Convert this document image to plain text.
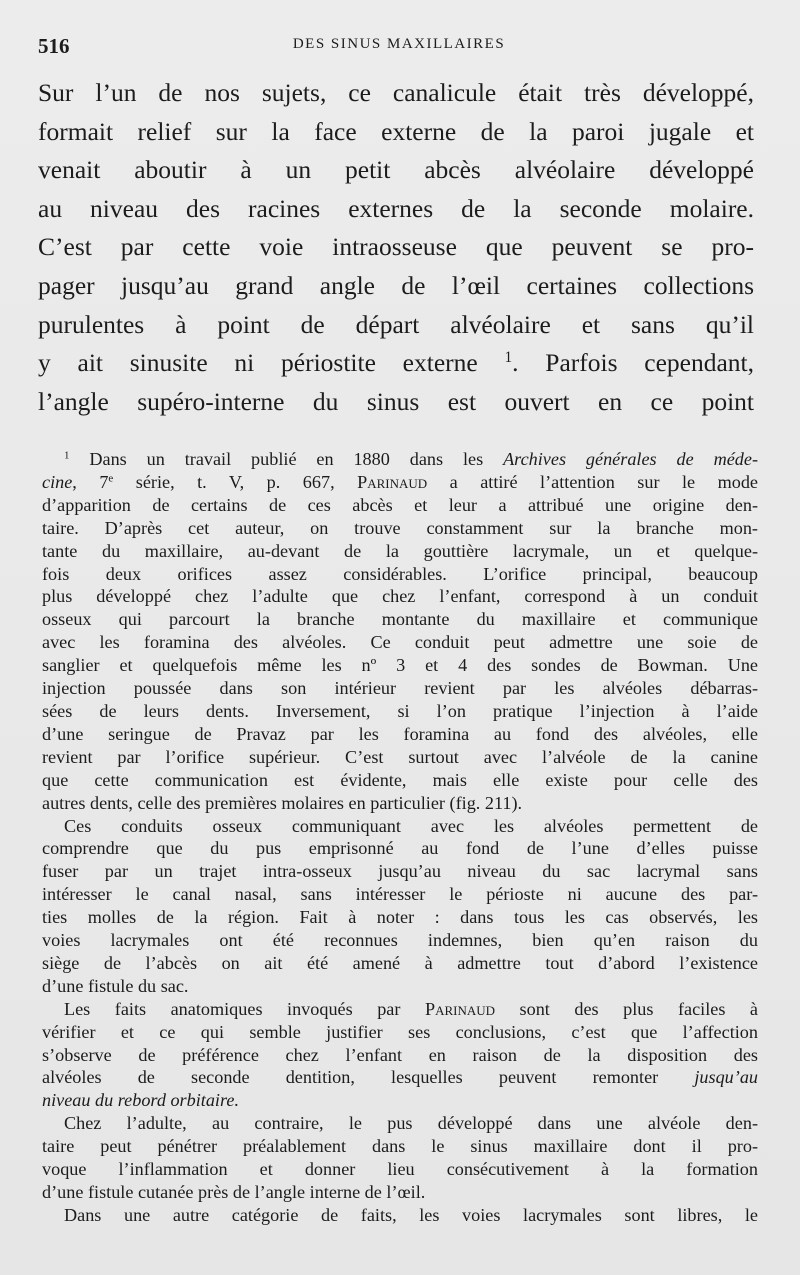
516	DES SINUS MAXILLAIRES
Sur l’un de nos sujets, ce canalicule était très développé,
formait relief sur la face externe de la paroi jugale et
venait aboutir à un petit abcès alvéolaire développé
au niveau des racines externes de la seconde molaire.
C’est par cette voie intraosseuse que peuvent se pro-
pager jusqu’au grand angle de l’œil certaines collections
purulentes à point de départ alvéolaire et sans qu’il
y ait sinusite ni périostite externe $^1$. Parfois cependant,
l’angle supéro-interne du sinus est ouvert en ce point
$^1$ Dans un travail publié en 1880 dans les Archives générales de méde-
cine, 7e série, t. V, p. 667, Parinaud a attiré l’attention sur le mode
d’apparition de certains de ces abcès et leur a attribué une origine den-
taire. D’après cet auteur, on trouve constamment sur la branche mon-
tante du maxillaire, au-devant de la gouttière lacrymale, un et quelque-
fois deux orifices assez considérables. L’orifice principal, beaucoup
plus développé chez l’adulte que chez l’enfant, correspond à un conduit
osseux qui parcourt la branche montante du maxillaire et communique
avec les foramina des alvéoles. Ce conduit peut admettre une soie de
sanglier et quelquefois même les nº 3 et 4 des sondes de Bowman. Une
injection poussée dans son intérieur revient par les alvéoles débarras-
sées de leurs dents. Inversement, si l’on pratique l’injection à l’aide
d’une seringue de Pravaz par les foramina au fond des alvéoles, elle
revient par l’orifice supérieur. C’est surtout avec l’alvéole de la canine
que cette communication est évidente, mais elle existe pour celle des
autres dents, celle des premières molaires en particulier (fig. 211).
Ces conduits osseux communiquant avec les alvéoles permettent de
comprendre que du pus emprisonné au fond de l’une d’elles puisse
fuser par un trajet intra-osseux jusqu’au niveau du sac lacrymal sans
intéresser le canal nasal, sans intéresser le périoste ni aucune des par-
ties molles de la région. Fait à noter : dans tous les cas observés, les
voies lacrymales ont été reconnues indemnes, bien qu’en raison du
siège de l’abcès on ait été amené à admettre tout d’abord l’existence
d’une fistule du sac.
Les faits anatomiques invoqués par Parinaud sont des plus faciles à
vérifier et ce qui semble justifier ses conclusions, c’est que l’affection
s’observe de préférence chez l’enfant en raison de la disposition des
alvéoles de seconde dentition, lesquelles peuvent remonter jusqu’au
niveau du rebord orbitaire.
Chez l’adulte, au contraire, le pus développé dans une alvéole den-
taire peut pénétrer préalablement dans le sinus maxillaire dont il pro-
voque l’inflammation et donner lieu consécutivement à la formation
d’une fistule cutanée près de l’angle interne de l’œil.
Dans une autre catégorie de faits, les voies lacrymales sont libres, le
